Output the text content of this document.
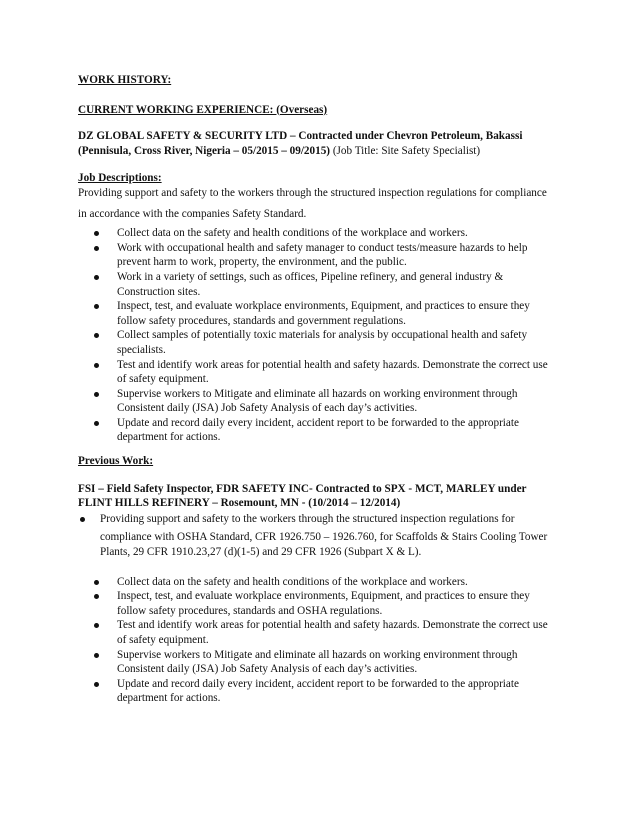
WORK HISTORY:

CURRENT WORKING EXPERIENCE: (Overseas)

DZ GLOBAL SAFETY & SECURITY LTD – Contracted under Chevron Petroleum, Bakassi

(Pennisula, Cross River, Nigeria – 05/2015 – 09/2015) (Job Title: Site Safety Specialist)

Job Descriptions:

Providing support and safety to the workers through the structured inspection regulations for compliance

in accordance with the companies Safety Standard.

Collect data on the safety and health conditions of the workplace and workers.

Work with occupational health and safety manager to conduct tests/measure hazards to help

prevent harm to work, property, the environment, and the public.

Work in a variety of settings, such as offices, Pipeline refinery, and general industry &

Construction sites.

Inspect, test, and evaluate workplace environments, Equipment, and practices to ensure they

follow safety procedures, standards and government regulations.

Collect samples of potentially toxic materials for analysis by occupational health and safety

specialists.

Test and identify work areas for potential health and safety hazards. Demonstrate the correct use

of safety equipment.

Supervise workers to Mitigate and eliminate all hazards on working environment through

Consistent daily (JSA) Job Safety Analysis of each day’s activities.

Update and record daily every incident, accident report to be forwarded to the appropriate

department for actions.

Previous Work:

FSI – Field Safety Inspector, FDR SAFETY INC- Contracted to SPX - MCT, MARLEY under

FLINT HILLS REFINERY – Rosemount, MN - (10/2014 – 12/2014)

Providing support and safety to the workers through the structured inspection regulations for

compliance with OSHA Standard, CFR 1926.750 – 1926.760, for Scaffolds & Stairs Cooling Tower

Plants, 29 CFR 1910.23,27 (d)(1-5) and 29 CFR 1926 (Subpart X & L).

Collect data on the safety and health conditions of the workplace and workers.

Inspect, test, and evaluate workplace environments, Equipment, and practices to ensure they

follow safety procedures, standards and OSHA regulations.

Test and identify work areas for potential health and safety hazards. Demonstrate the correct use

of safety equipment.

Supervise workers to Mitigate and eliminate all hazards on working environment through

Consistent daily (JSA) Job Safety Analysis of each day’s activities.

Update and record daily every incident, accident report to be forwarded to the appropriate

department for actions.
